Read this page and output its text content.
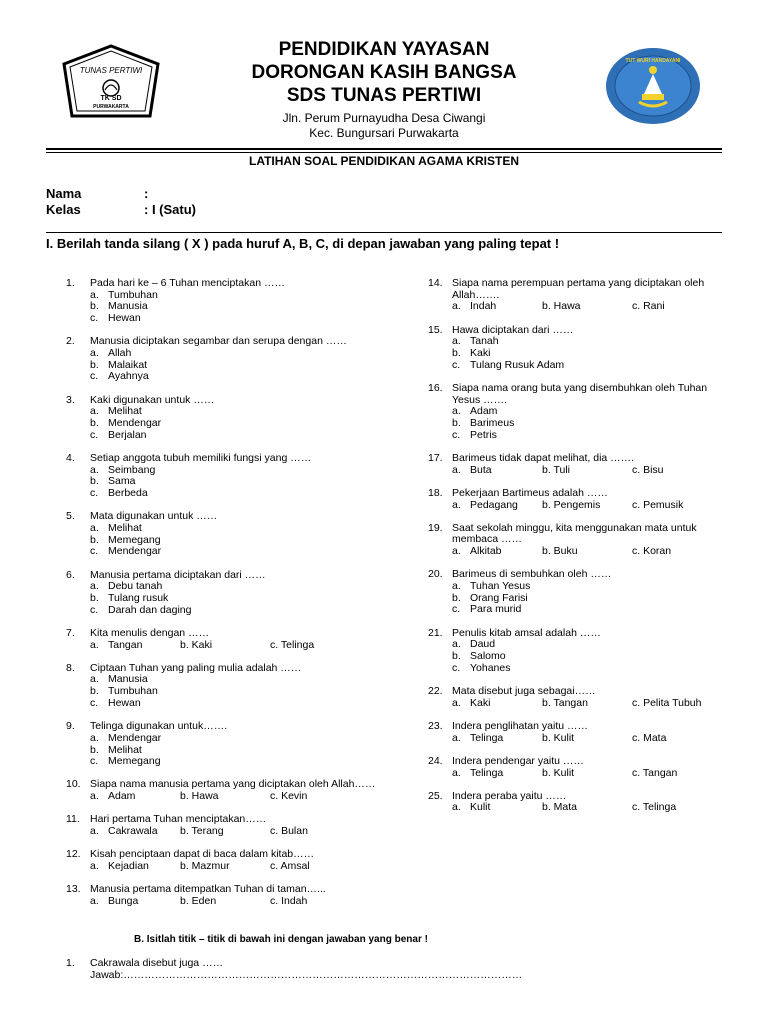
TUNAS PERTIWI
TK SD
PURWAKARTA
PENDIDIKAN YAYASAN
DORONGAN KASIH BANGSA
SDS TUNAS PERTIWI
Jln. Perum Purnayudha Desa Ciwangi
Kec. Bungursari Purwakarta
TUT WURI HANDAYANI
LATIHAN SOAL PENDIDIKAN AGAMA KRISTEN
Nama	:
Kelas	: I (Satu)
I. Berilah tanda silang ( X ) pada huruf A, B, C, di depan jawaban yang paling tepat !
1.	Pada hari ke – 6 Tuhan menciptakan ……
a. Tumbuhan
b. Manusia
c. Hewan
2.	Manusia diciptakan segambar dan serupa dengan ……
a. Allah
b. Malaikat
c. Ayahnya
3.	Kaki digunakan untuk ……
a. Melihat
b. Mendengar
c. Berjalan
4.	Setiap anggota tubuh memiliki fungsi yang ……
a. Seimbang
b. Sama
c. Berbeda
5.	Mata digunakan untuk ……
a. Melihat
b. Memegang
c. Mendengar
6.	Manusia pertama diciptakan dari ……
a. Debu tanah
b. Tulang rusuk
c. Darah dan daging
7.	Kita menulis dengan ……
a. Tangan	b. Kaki	c. Telinga
8.	Ciptaan Tuhan yang paling mulia adalah ……
a. Manusia
b. Tumbuhan
c. Hewan
9.	Telinga digunakan untuk…….
a. Mendengar
b. Melihat
c. Memegang
10. Siapa nama manusia pertama yang diciptakan oleh Allah……
a. Adam	b. Hawa	c. Kevin
11. Hari pertama Tuhan menciptakan……
a. Cakrawala b. Terang	c. Bulan
12. Kisah penciptaan dapat di baca dalam kitab……
a. Kejadian	b. Mazmur	c. Amsal
13. Manusia pertama ditempatkan Tuhan di taman…...
a. Bunga	b. Eden	c. Indah
14. Siapa nama perempuan pertama yang diciptakan oleh Allah…….
a. Indah	b. Hawa	c. Rani
15. Hawa diciptakan dari ……
a. Tanah
b. Kaki
c. Tulang Rusuk Adam
16. Siapa nama orang buta yang disembuhkan oleh Tuhan Yesus …….
a. Adam
b. Barimeus
c. Petris
17. Barimeus tidak dapat melihat, dia …….
a. Buta	b. Tuli	c. Bisu
18. Pekerjaan Bartimeus adalah ……
a. Pedagang b. Pengemis	c. Pemusik
19. Saat sekolah minggu, kita menggunakan mata untuk membaca ……
a. Alkitab	b. Buku	c. Koran
20. Barimeus di sembuhkan oleh ……
a. Tuhan Yesus
b. Orang Farisi
c. Para murid
21. Penulis kitab amsal adalah ……
a. Daud
b. Salomo
c. Yohanes
22. Mata disebut juga sebagai……
a. Kaki	b. Tangan	c. Pelita Tubuh
23. Indera penglihatan yaitu ……
a. Telinga	b. Kulit	c. Mata
24. Indera pendengar yaitu ……
a. Telinga	b. Kulit	c. Tangan
25. Indera peraba yaitu ……
a. Kulit	b. Mata	c. Telinga
B. Isitlah titik – titik di bawah ini dengan jawaban yang benar !
1.	Cakrawala disebut juga ……
Jawab:……………………………………………………………………………………………………
